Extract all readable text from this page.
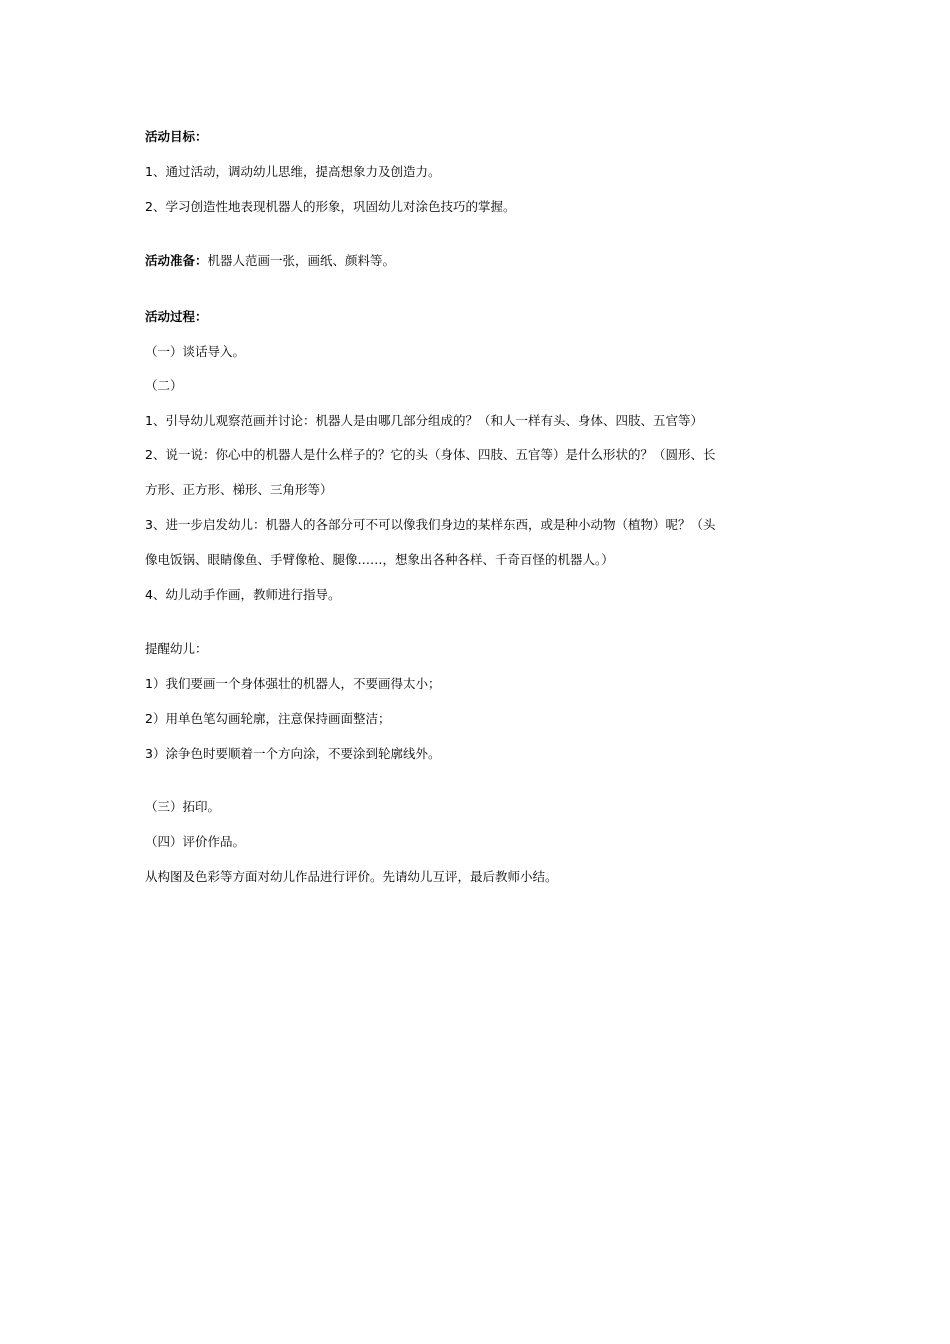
活动目标：
1、通过活动，调动幼儿思维，提高想象力及创造力。
2、学习创造性地表现机器人的形象，巩固幼儿对涂色技巧的掌握。
活动准备：机器人范画一张，画纸、颜料等。
活动过程：
（一）谈话导入。
（二）
1、引导幼儿观察范画并讨论：机器人是由哪几部分组成的？（和人一样有头、身体、四肢、五官等）
2、说一说：你心中的机器人是什么样子的？它的头（身体、四肢、五官等）是什么形状的？（圆形、长
方形、正方形、梯形、三角形等）
3、进一步启发幼儿：机器人的各部分可不可以像我们身边的某样东西，或是种小动物（植物）呢？（头
像电饭锅、眼睛像鱼、手臂像枪、腿像……，想象出各种各样、千奇百怪的机器人。）
4、幼儿动手作画，教师进行指导。
提醒幼儿：
1）我们要画一个身体强壮的机器人，不要画得太小；
2）用单色笔勾画轮廓，注意保持画面整洁；
3）涂争色时要顺着一个方向涂，不要涂到轮廓线外。
（三）拓印。
（四）评价作品。
从构图及色彩等方面对幼儿作品进行评价。先请幼儿互评，最后教师小结。
